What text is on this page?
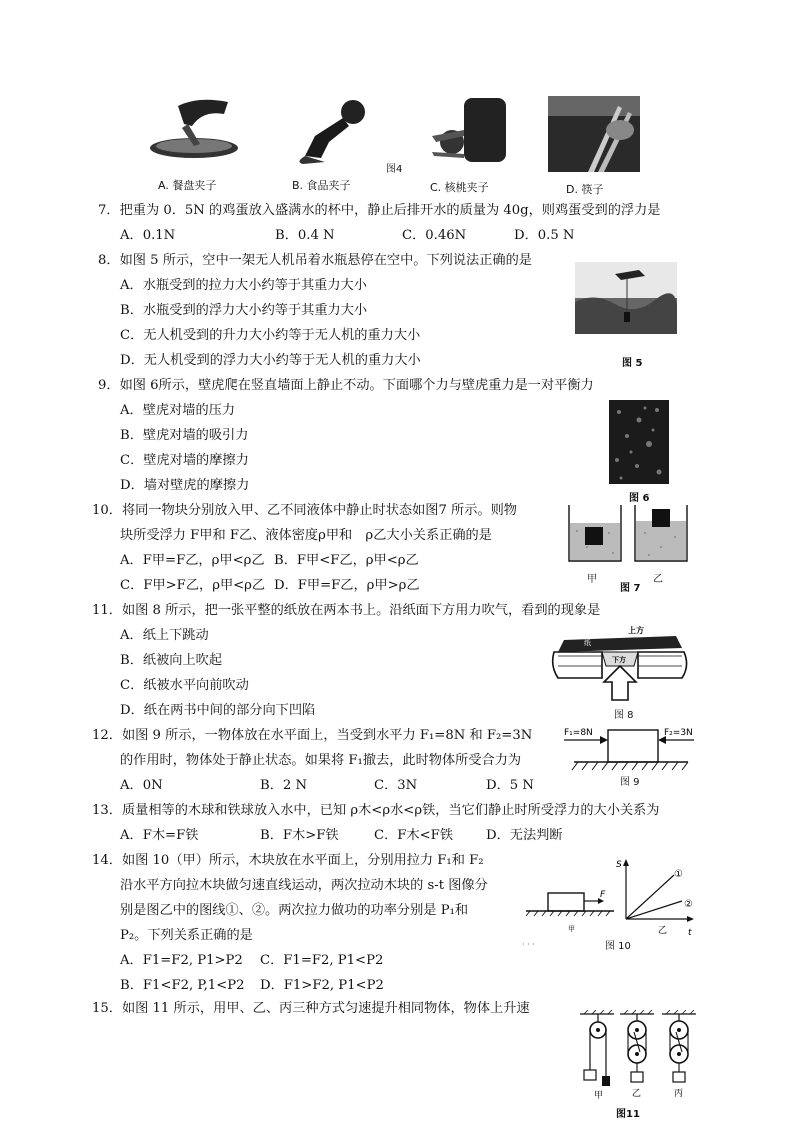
A. 餐盘夹子	B. 食品夹子
图4
C. 核桃夹子	D. 筷子
7．把重为 0．5N 的鸡蛋放入盛满水的杯中，静止后排开水的质量为 40g，则鸡蛋受到的浮力是
A．0.1N	B．0.4 N	C．0.46N	D．0.5 N
8．如图 5 所示，空中一架无人机吊着水瓶悬停在空中。下列说法正确的是
A．水瓶受到的拉力大小约等于其重力大小
B．水瓶受到的浮力大小约等于其重力大小
C．无人机受到的升力大小约等于无人机的重力大小
D．无人机受到的浮力大小约等于无人机的重力大小	图 5
9．如图 6所示，壁虎爬在竖直墙面上静止不动。下面哪个力与壁虎重力是一对平衡力
A．壁虎对墙的压力
B．壁虎对墙的吸引力
C．壁虎对墙的摩擦力
D．墙对壁虎的摩擦力
图 6
10．将同一物块分别放入甲、乙不同液体中静止时状态如图7 所示。则物
块所受浮力 F甲和 F乙、液体密度ρ甲和　ρ乙大小关系正确的是
A．F甲=F乙，ρ甲<ρ乙 B．F甲<F乙，ρ甲<ρ乙
C．F甲>F乙，ρ甲<ρ乙 D．F甲=F乙，ρ甲>ρ乙	甲	乙
图 7
11．如图 8 所示，把一张平整的纸放在两本书上。沿纸面下方用力吹气，看到的现象是
A．纸上下跳动
B．纸被向上吹起
C．纸被水平向前吹动
D．纸在两书中间的部分向下凹陷
上方
纸
下方
图 8
12．如图 9 所示，一物体放在水平面上，当受到水平力 F₁=8N 和 F₂=3N
的作用时，物体处于静止状态。如果将 F₁撤去，此时物体所受合力为
A．0N	B．2 N	C．3N	D．5 N
F₁=8N	F₂=3N
图 9
13．质量相等的木球和铁球放入水中，已知 ρ木<ρ水<ρ铁，当它们静止时所受浮力的大小关系为
A．F木=F铁	B．F木>F铁	C．F木<F铁 D．无法判断
14．如图 10（甲）所示，木块放在水平面上，分别用拉力 F₁和 F₂
沿水平方向拉木块做匀速直线运动，两次拉动木块的 s-t 图像分
别是图乙中的图线①、②。两次拉力做功的功率分别是 P₁和
P₂。下列关系正确的是
A．F1=F2, P1>P2 C．F1=F2, P1<P2
B．F1<F2, P,1<P2 D．F1>F2, P1<P2
F
S
t
①
②
甲	乙
· · ·	图 10
15．如图 11 所示，用甲、乙、丙三种方式匀速提升相同物体，物体上升速
甲	乙	丙
图11
